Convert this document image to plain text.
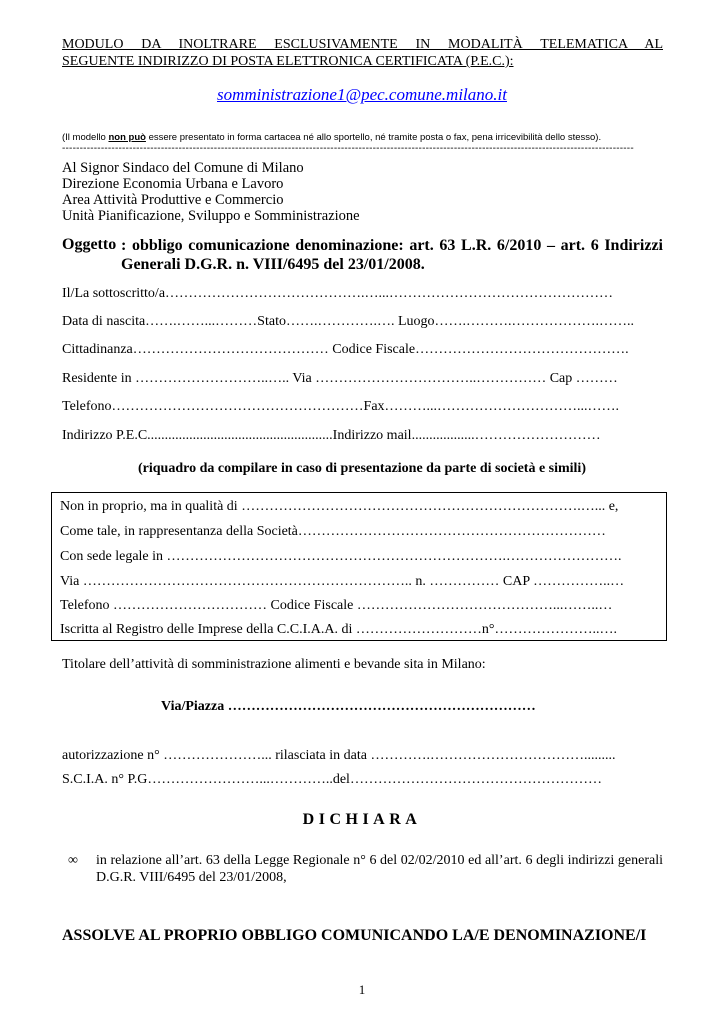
MODULO DA INOLTRARE ESCLUSIVAMENTE IN MODALITÀ TELEMATICA AL
SEGUENTE INDIRIZZO DI POSTA ELETTRONICA CERTIFICATA (P.E.C.):
somministrazione1@pec.comune.milano.it
(Il modello non può essere presentato in forma cartacea né allo sportello, né tramite posta o fax, pena irricevibilità dello stesso).
------------------------------------------------------------------------------------------------------------------------------------------------------------------
Al Signor Sindaco del Comune di Milano
Direzione Economia Urbana e Lavoro
Area Attività Produttive e Commercio
Unità Pianificazione, Sviluppo e Somministrazione
Oggetto : obbligo comunicazione denominazione: art. 63 L.R. 6/2010 – art. 6 Indirizzi Generali D.G.R. n. VIII/6495 del 23/01/2008.
Il/La sottoscritto/a…………………………………….…...…………………………………………
Data di nascita…….……...………Stato…….………….…. Luogo…….……….……………….……..
Cittadinanza…………………………………… Codice Fiscale……………………………………….
Residente in ………………………..….. Via ……………………………..…………… Cap ………
Telefono………………………………………………Fax………...…………………………...…….
Indirizzo P.E.C.....................................................Indirizzo mail..................………………………
(riquadro da compilare in caso di presentazione da parte di società e simili)
Non in proprio, ma in qualità di ……………………………………………………………….…... e,
Come tale, in rappresentanza della Società…………………………………………………………
Con sede legale in ……………………………………………………………….…………………….
Via …………………………………………………………….. n. …………… CAP ……………..…
Telefono …………………………… Codice Fiscale ……………………………………...……..…
Iscritta al Registro delle Imprese della C.C.I.A.A. di ………………………n°…………………..….
Titolare dell’attività di somministrazione alimenti e bevande sita in Milano:
Via/Piazza …………………………………………………………
autorizzazione n° …………………... rilasciata in data ………….…………………………….........
S.C.I.A. n° P.G……………………...…………..del………………………………………………
DICHIARA
∞ in relazione all’art. 63 della Legge Regionale n° 6 del 02/02/2010 ed all’art. 6 degli indirizzi generali D.G.R. VIII/6495 del 23/01/2008,
ASSOLVE AL PROPRIO OBBLIGO COMUNICANDO LA/E DENOMINAZIONE/I
1
